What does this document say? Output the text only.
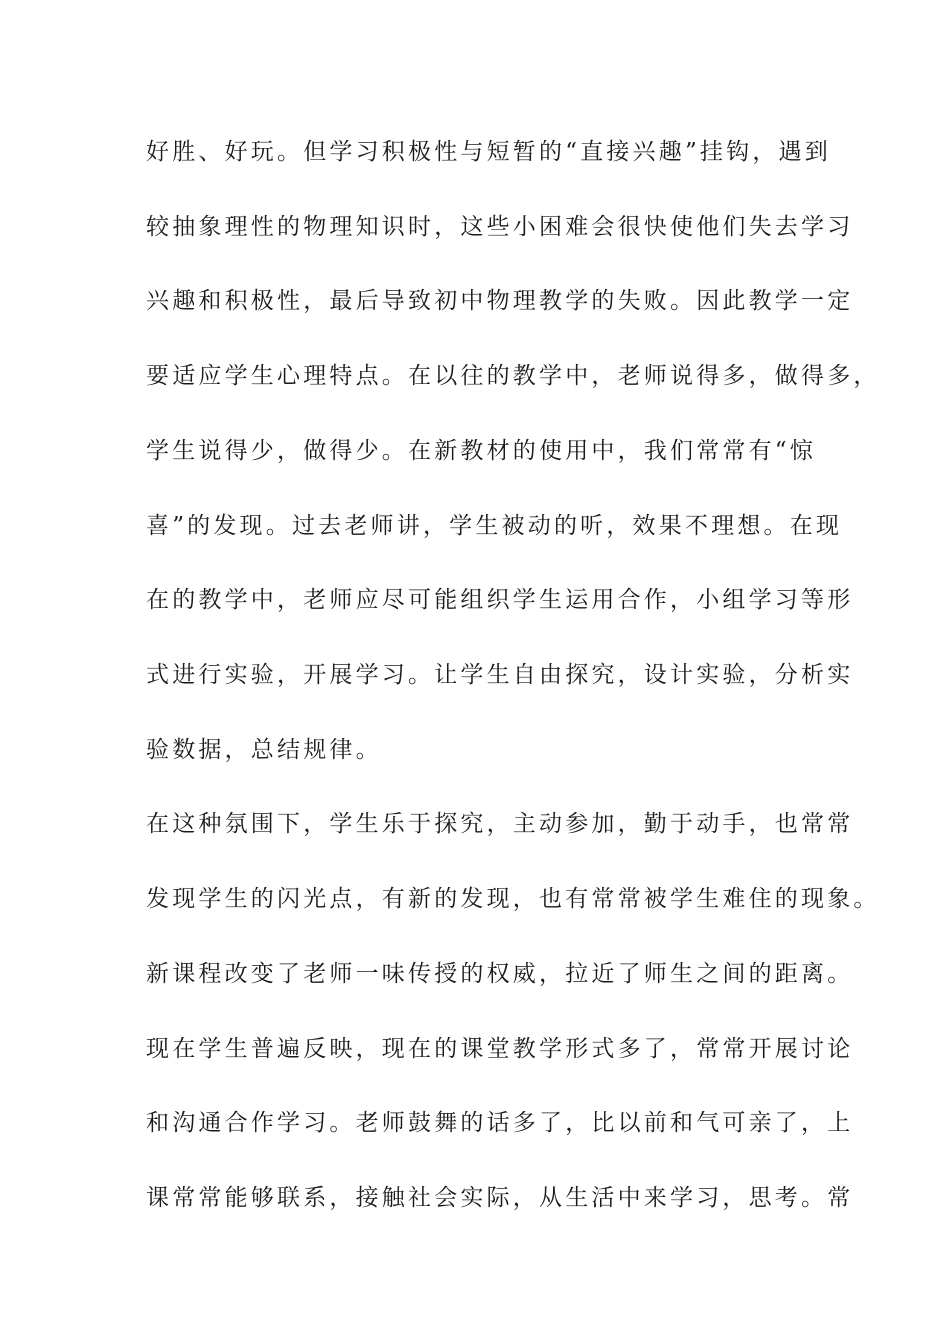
好胜、好玩。但学习积极性与短暂的“直接兴趣”挂钩，遇到
较抽象理性的物理知识时，这些小困难会很快使他们失去学习
兴趣和积极性，最后导致初中物理教学的失败。因此教学一定
要适应学生心理特点。在以往的教学中，老师说得多，做得多，
学生说得少，做得少。在新教材的使用中，我们常常有“惊
喜”的发现。过去老师讲，学生被动的听，效果不理想。在现
在的教学中，老师应尽可能组织学生运用合作，小组学习等形
式进行实验，开展学习。让学生自由探究，设计实验，分析实
验数据，总结规律。
在这种氛围下，学生乐于探究，主动参加，勤于动手，也常常
发现学生的闪光点，有新的发现，也有常常被学生难住的现象。
新课程改变了老师一味传授的权威，拉近了师生之间的距离。
现在学生普遍反映，现在的课堂教学形式多了，常常开展讨论
和沟通合作学习。老师鼓舞的话多了，比以前和气可亲了，上
课常常能够联系，接触社会实际，从生活中来学习，思考。常
